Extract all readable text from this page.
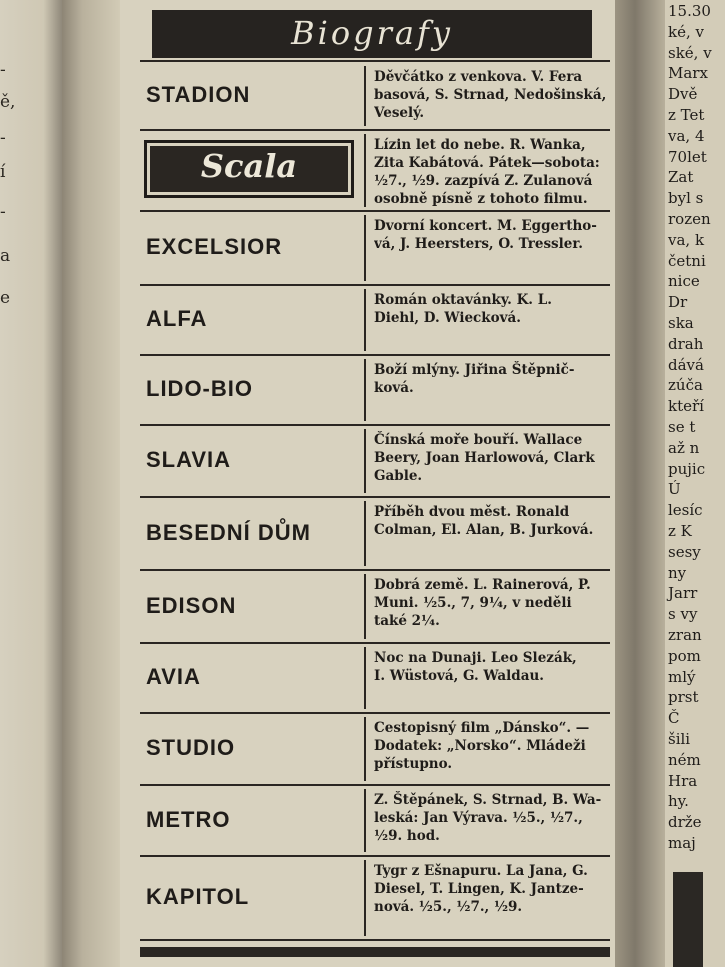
-
ě,
-
í
-
a
e
Biografy
STADION
Děvčátko z venkova. V. Fera
basová, S. Strnad, Nedošinská,
Veselý.
Scala
Lízin let do nebe. R. Wanka,
Zita Kabátová. Pátek—sobota:
½7., ½9. zazpívá Z. Zulanová
osobně písně z tohoto filmu.
EXCELSIOR
Dvorní koncert. M. Eggertho-
vá, J. Heersters, O. Tressler.
ALFA
Román oktavánky. K. L.
Diehl, D. Wiecková.
LIDO-BIO
Boží mlýny. Jiřina Štěpnič-
ková.
SLAVIA
Čínská moře bouří. Wallace
Beery, Joan Harlowová, Clark
Gable.
BESEDNÍ DŮM
Příběh dvou měst. Ronald
Colman, El. Alan, B. Jurková.
EDISON
Dobrá země. L. Rainerová, P.
Muni. ½5., 7, 9¼, v neděli
také 2¼.
AVIA
Noc na Dunaji. Leo Slezák,
I. Wüstová, G. Waldau.
STUDIO
Cestopisný film „Dánsko“. —
Dodatek: „Norsko“. Mládeži
přístupno.
METRO
Z. Štěpánek, S. Strnad, B. Wa-
leská: Jan Výrava. ½5., ½7.,
½9. hod.
KAPITOL
Tygr z Ešnapuru. La Jana, G.
Diesel, T. Lingen, K. Jantze-
nová. ½5., ½7., ½9.
15.30
ké, v
ské, v
Marx
Dvě
z Tet
va, 4
70let
Zat
byl s
rozen
va, k
četni
nice
Dr
ska
drah
dává
zúča
kteří
se t
až n
pujic
Ú
lesíc
z K
sesy
ny
Jarr
s vy
zran
pom
mlý
prst
Č
šili
ném
Hra
hy.
drže
maj
